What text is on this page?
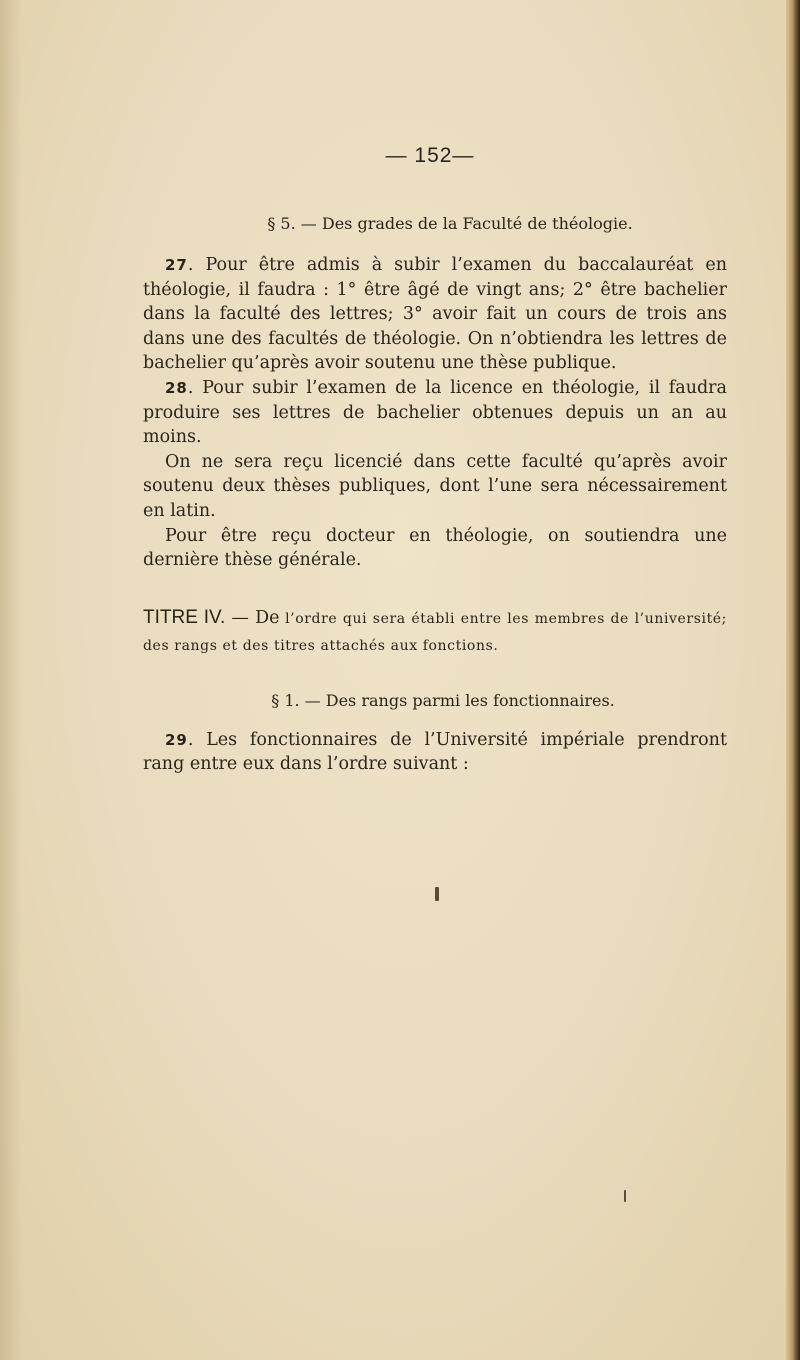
— 152—
§ 5. — Des grades de la Faculté de théologie.

27. Pour être admis à subir l’examen du baccalauréat en théologie, il faudra : 1° être âgé de vingt ans; 2° être bachelier dans la faculté des lettres; 3° avoir fait un cours de trois ans dans une des facultés de théologie. On n’obtiendra les lettres de bachelier qu’après avoir soutenu une thèse publique.

28. Pour subir l’examen de la licence en théologie, il faudra produire ses lettres de bachelier obtenues depuis un an au moins.

On ne sera reçu licencié dans cette faculté qu’après avoir soutenu deux thèses publiques, dont l’une sera nécessairement en latin.

Pour être reçu docteur en théologie, on soutiendra une dernière thèse générale.

TITRE IV. — De l’ordre qui sera établi entre les membres de l’université; des rangs et des titres attachés aux fonctions.

§ 1. — Des rangs parmi les fonctionnaires.

29. Les fonctionnaires de l’Université impériale prendront rang entre eux dans l’ordre suivant :
